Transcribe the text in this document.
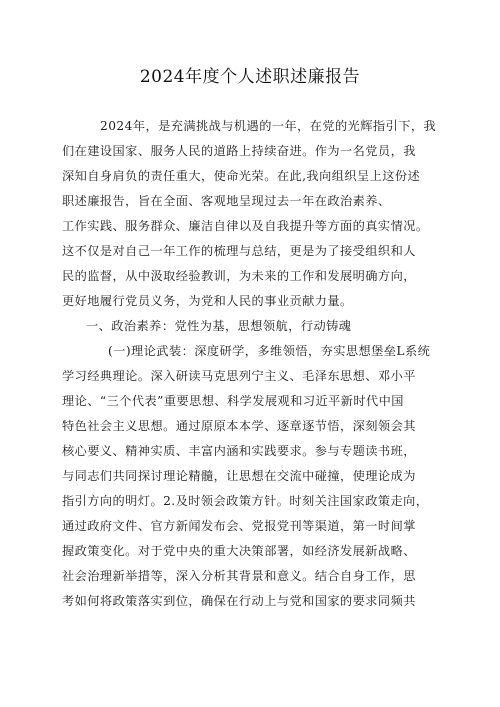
2024年度个人述职述廉报告
2024年，是充满挑战与机遇的一年，在党的光辉指引下，我
们在建设国家、服务人民的道路上持续奋进。作为一名党员，我
深知自身肩负的责任重大，使命光荣。在此,我向组织呈上这份述
职述廉报告，旨在全面、客观地呈现过去一年在政治素养、
工作实践、服务群众、廉洁自律以及自我提升等方面的真实情况。
这不仅是对自己一年工作的梳理与总结，更是为了接受组织和人
民的监督，从中汲取经验教训，为未来的工作和发展明确方向，
更好地履行党员义务，为党和人民的事业贡献力量。
一、政治素养：党性为基，思想领航，行动铸魂
(一)理论武装：深度研学，多维领悟，夯实思想堡垒L系统
学习经典理论。深入研读马克思列宁主义、毛泽东思想、邓小平
理论、“三个代表”重要思想、科学发展观和习近平新时代中国
特色社会主义思想。通过原原本本学、逐章逐节悟，深刻领会其
核心要义、精神实质、丰富内涵和实践要求。参与专题读书班，
与同志们共同探讨理论精髓，让思想在交流中碰撞，使理论成为
指引方向的明灯。2.及时领会政策方针。时刻关注国家政策走向，
通过政府文件、官方新闻发布会、党报党刊等渠道，第一时间掌
握政策变化。对于党中央的重大决策部署，如经济发展新战略、
社会治理新举措等，深入分析其背景和意义。结合自身工作，思
考如何将政策落实到位，确保在行动上与党和国家的要求同频共
